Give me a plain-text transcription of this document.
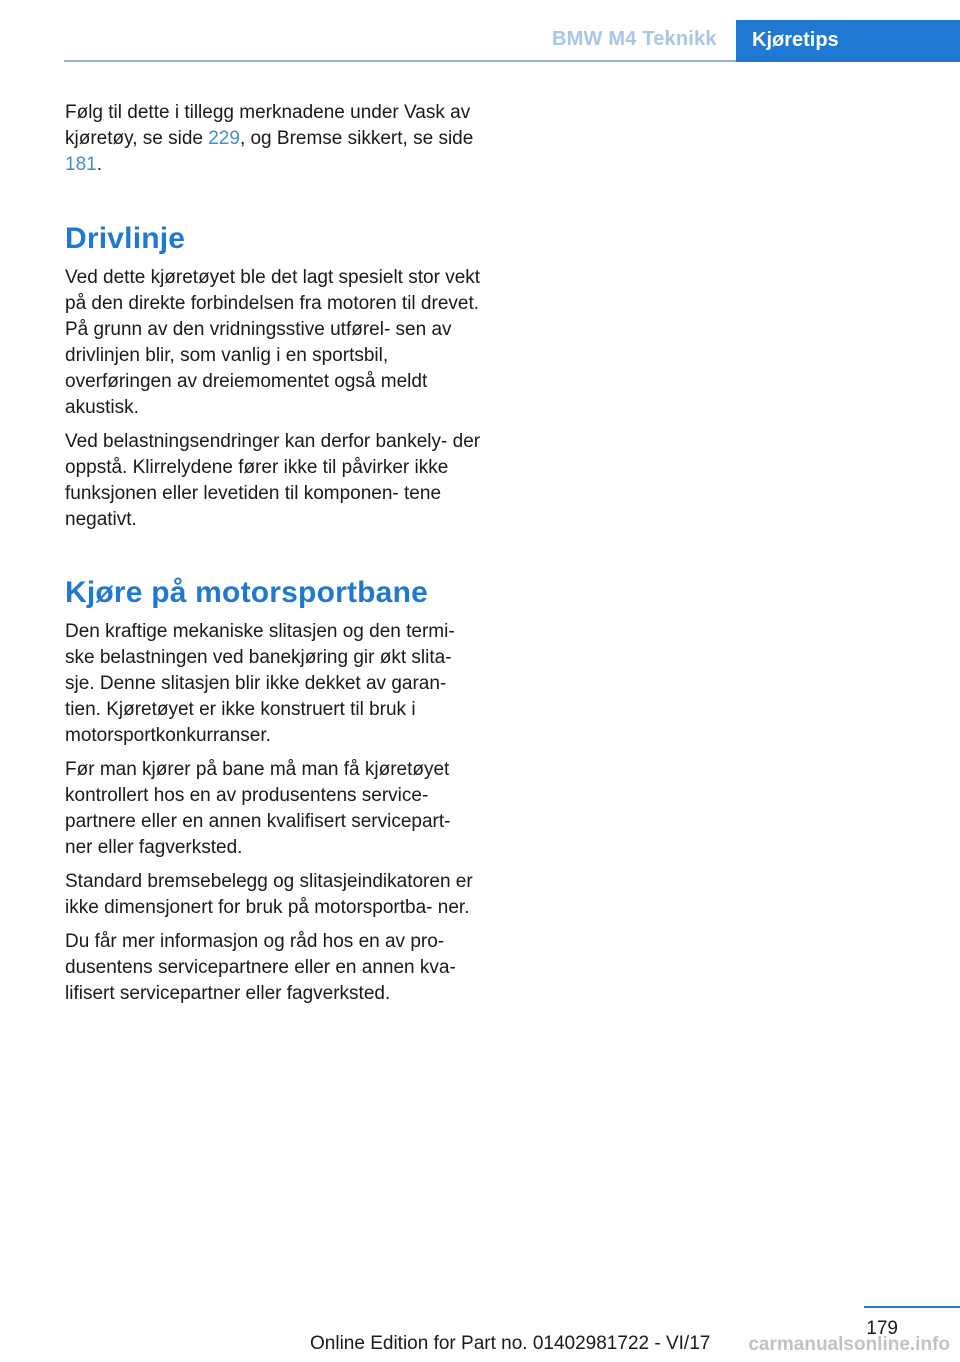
BMW M4 Teknikk Kjøretips

Følg til dette i tillegg merknadene under Vask av kjøretøy, se side 229, og Bremse sikkert, se side 181.

Drivlinje

Ved dette kjøretøyet ble det lagt spesielt stor vekt på den direkte forbindelsen fra motoren til drevet. På grunn av den vridningsstive utførel‐ sen av drivlinjen blir, som vanlig i en sportsbil, overføringen av dreiemomentet også meldt akustisk.

Ved belastningsendringer kan derfor bankely‐ der oppstå. Klirrelydene fører ikke til påvirker ikke funksjonen eller levetiden til komponen‐ tene negativt.

Kjøre på motorsportbane

Den kraftige mekaniske slitasjen og den termi‐ ske belastningen ved banekjøring gir økt slita‐ sje. Denne slitasjen blir ikke dekket av garan‐ tien. Kjøretøyet er ikke konstruert til bruk i motorsportkonkurranser.

Før man kjører på bane må man få kjøretøyet kontrollert hos en av produsentens service‐ partnere eller en annen kvalifisert servicepart‐ ner eller fagverksted.

Standard bremsebelegg og slitasjeindikatoren er ikke dimensjonert for bruk på motorsportba‐ ner.

Du får mer informasjon og råd hos en av pro‐ dusentens servicepartnere eller en annen kva‐ lifisert servicepartner eller fagverksted.

179
Online Edition for Part no. 01402981722 - VI/17 carmanualsonline.info
